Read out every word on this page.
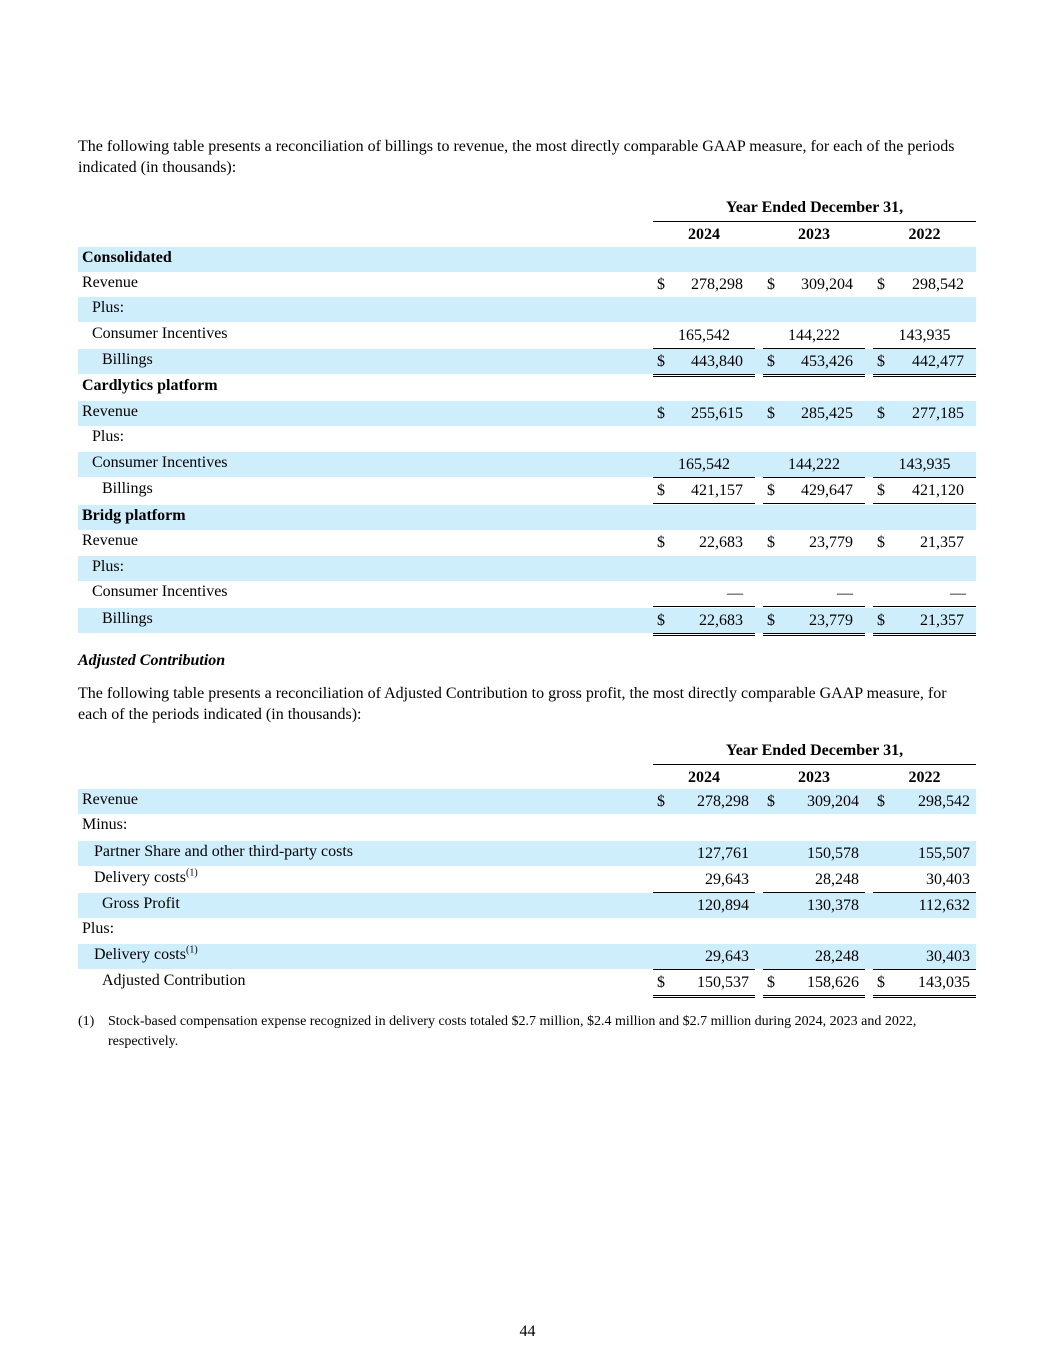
The following table presents a reconciliation of billings to revenue, the most directly comparable GAAP measure, for each of the periods indicated (in thousands):

Year Ended December 31,
2024	2023	2022
Consolidated
Revenue	$ 278,298 $ 309,204 $ 298,542
Plus:
Consumer Incentives	165,542	144,222	143,935
Billings	$ 443,840 $ 453,426 $ 442,477
Cardlytics platform
Revenue	$ 255,615 $ 285,425 $ 277,185
Plus:
Consumer Incentives	165,542	144,222	143,935
Billings	$ 421,157 $ 429,647 $ 421,120
Bridg platform
Revenue	$ 22,683 $ 23,779 $ 21,357
Plus:
Consumer Incentives	—	—	—
Billings	$ 22,683 $ 23,779 $ 21,357
Adjusted Contribution

The following table presents a reconciliation of Adjusted Contribution to gross profit, the most directly comparable GAAP measure, for each of the periods indicated (in thousands):

Year Ended December 31,
2024	2023	2022
Revenue	$ 278,298 $ 309,204 $ 298,542
Minus:
Partner Share and other third-party costs	127,761	150,578	155,507
Delivery costs$^{(1)}$	29,643	28,248	30,403
Gross Profit	120,894	130,378	112,632
Plus:
Delivery costs$^{(1)}$	29,643	28,248	30,403
Adjusted Contribution	$ 150,537 $ 158,626 $ 143,035
(1) Stock-based compensation expense recognized in delivery costs totaled $2.7 million, $2.4 million and $2.7 million during 2024, 2023 and 2022, respectively.
44
